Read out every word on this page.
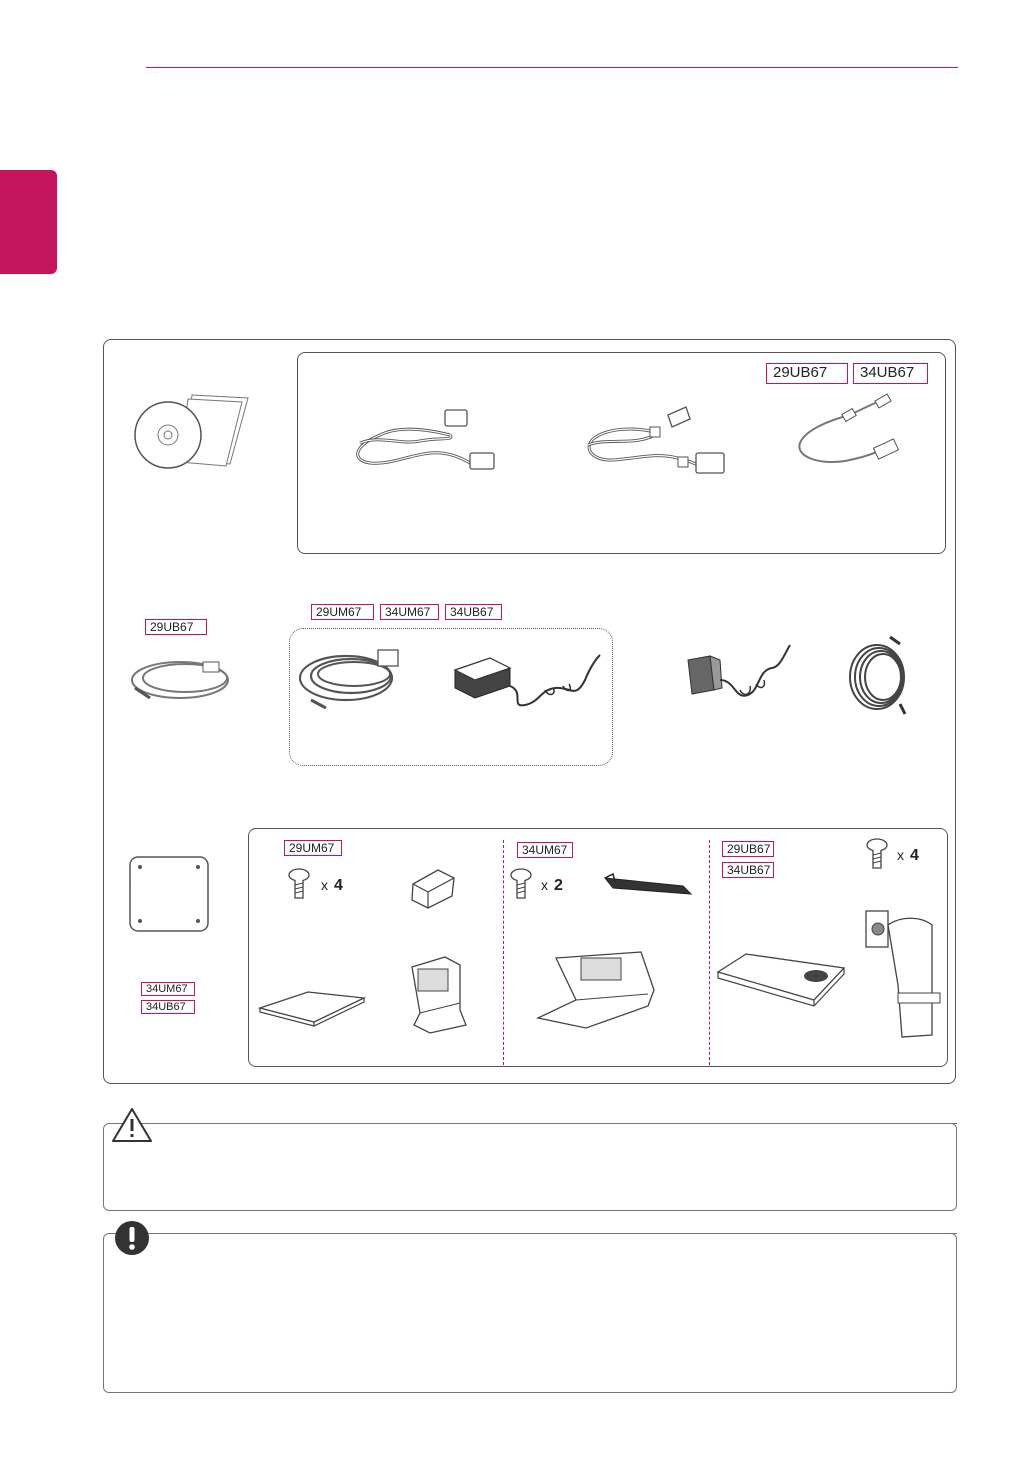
29UB67	34UB67
29UB67
29UM67	34UM67	34UB67
34UM67
34UB67
29UM67
x 4
34UM67
x 2
29UB67
34UB67
x 4
